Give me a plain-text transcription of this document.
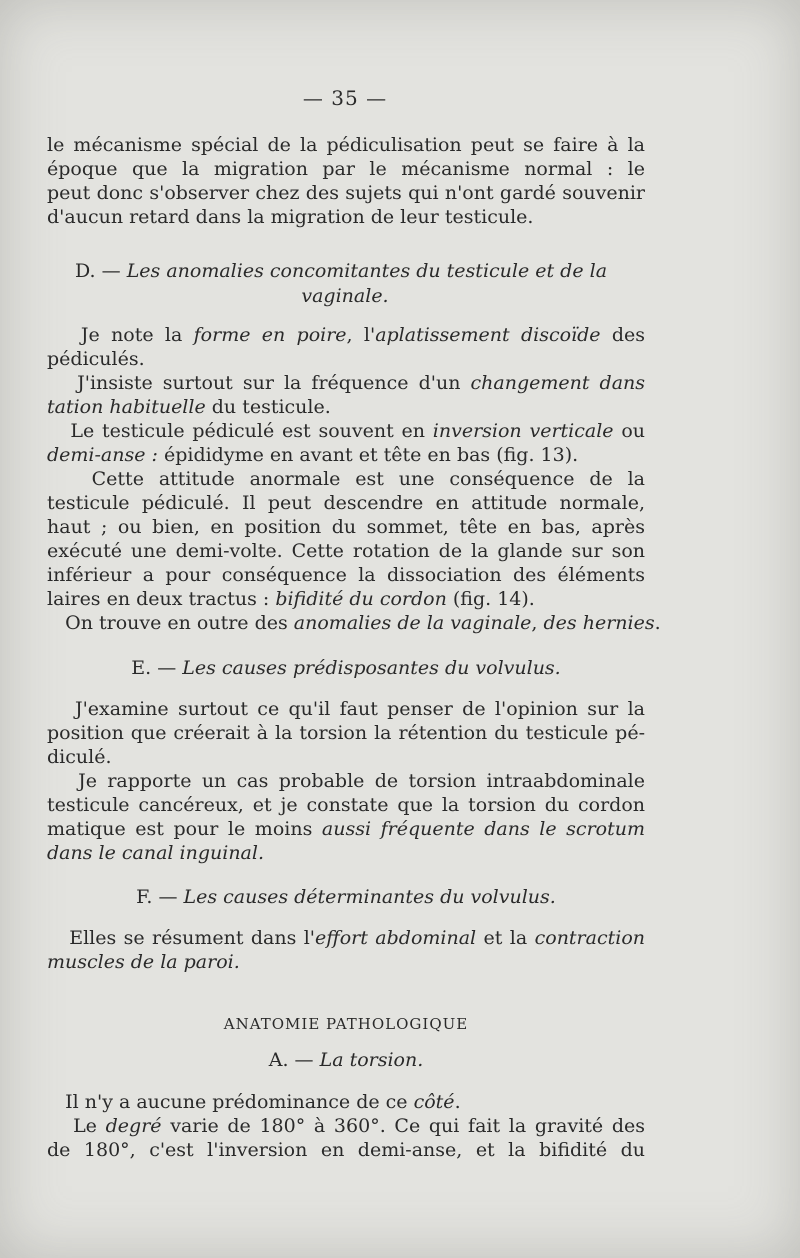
— 35 —
le mécanisme spécial de la pédiculisation peut se faire à la
époque que la migration par le mécanisme normal : le
peut donc s'observer chez des sujets qui n'ont gardé souvenir
d'aucun retard dans la migration de leur testicule.
D. — Les anomalies concomitantes du testicule et de la
vaginale.
Je note la forme en poire, l'aplatissement discoïde des
pédiculés.
J'insiste surtout sur la fréquence d'un changement dans
tation habituelle du testicule.
Le testicule pédiculé est souvent en inversion verticale ou
demi-anse : épididyme en avant et tête en bas (fig. 13).
Cette attitude anormale est une conséquence de la
testicule pédiculé. Il peut descendre en attitude normale,
haut ; ou bien, en position du sommet, tête en bas, après
exécuté une demi-volte. Cette rotation de la glande sur son
inférieur a pour conséquence la dissociation des éléments
laires en deux tractus : bifidité du cordon (fig. 14).
On trouve en outre des anomalies de la vaginale, des hernies.
E. — Les causes prédisposantes du volvulus.
J'examine surtout ce qu'il faut penser de l'opinion sur la
position que créerait à la torsion la rétention du testicule pé-
diculé.
Je rapporte un cas probable de torsion intraabdominale
testicule cancéreux, et je constate que la torsion du cordon
matique est pour le moins aussi fréquente dans le scrotum
dans le canal inguinal.
F. — Les causes déterminantes du volvulus.
Elles se résument dans l'effort abdominal et la contraction
muscles de la paroi.
ANATOMIE PATHOLOGIQUE
A. — La torsion.
Il n'y a aucune prédominance de ce côté.
Le degré varie de 180° à 360°. Ce qui fait la gravité des
de 180°, c'est l'inversion en demi-anse, et la bifidité du
